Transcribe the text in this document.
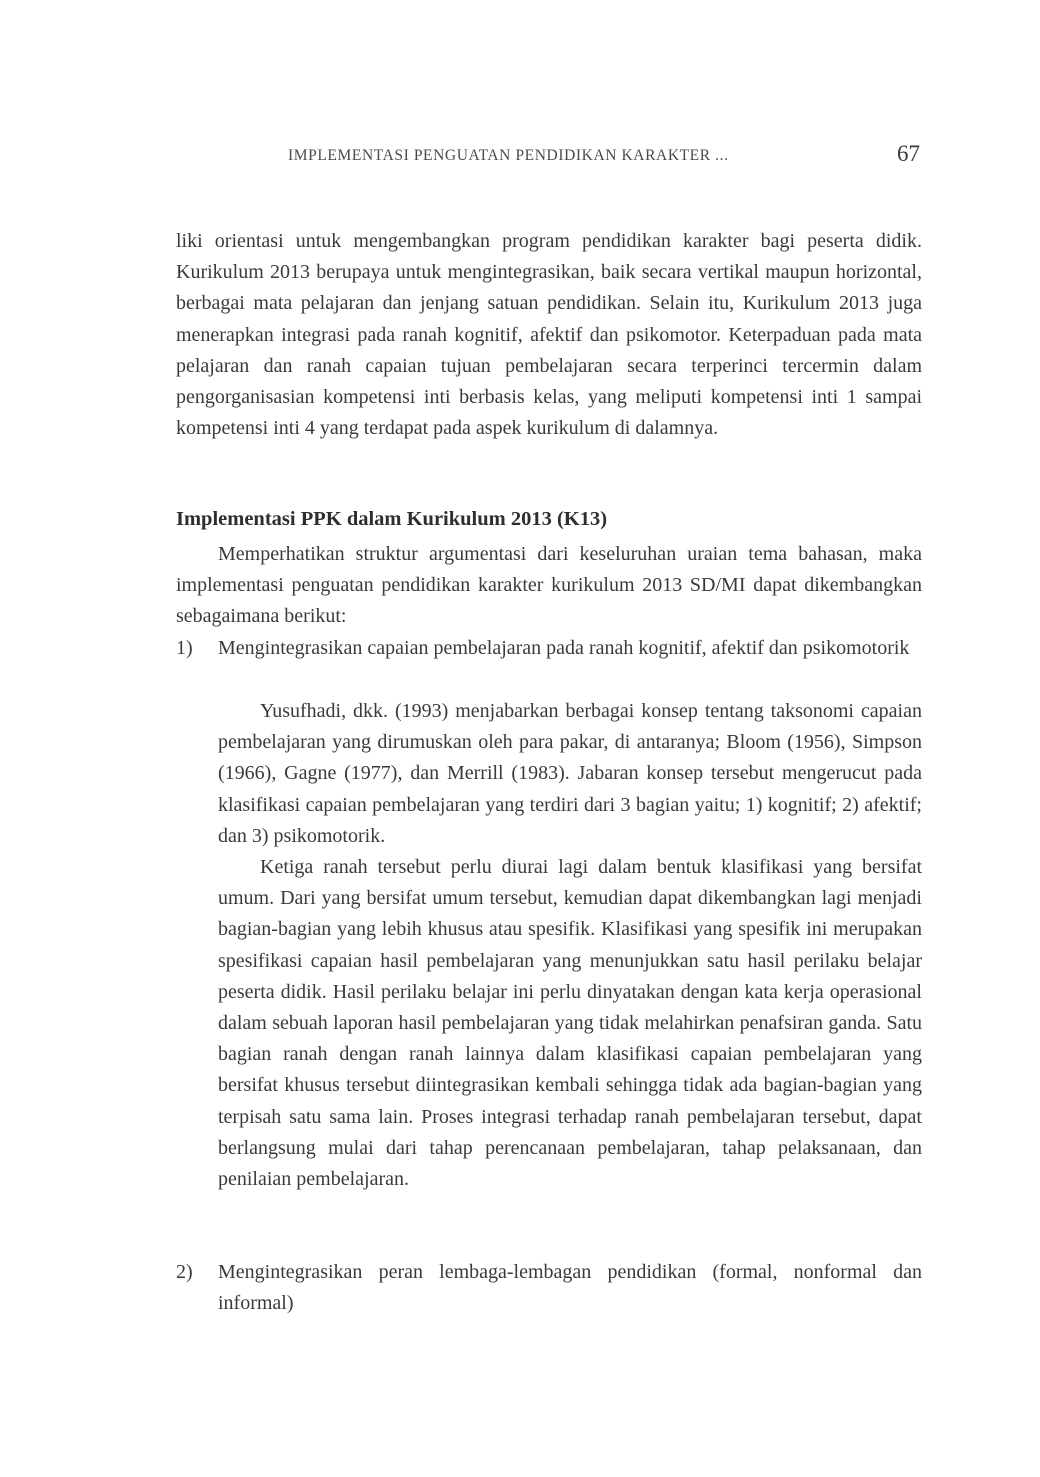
IMPLEMENTASI PENGUATAN PENDIDIKAN KARAKTER ...	67

liki orientasi untuk mengembangkan program pendidikan karakter bagi peserta didik. Kurikulum 2013 berupaya untuk mengintegrasikan, baik secara vertikal maupun horizontal, berbagai mata pelajaran dan jenjang satuan pendidikan. Selain itu, Kurikulum 2013 juga menerapkan integrasi pada ranah kognitif, afektif dan psikomotor. Keterpaduan pada mata pelajaran dan ranah capaian tujuan pembelajaran secara terperinci tercermin dalam pengorganisasian kompetensi inti berbasis kelas, yang meliputi kompetensi inti 1 sampai kompetensi inti 4 yang terdapat pada aspek kurikulum di dalamnya.

Implementasi PPK dalam Kurikulum 2013 (K13)

Memperhatikan struktur argumentasi dari keseluruhan uraian tema bahasan, maka implementasi penguatan pendidikan karakter kurikulum 2013 SD/MI dapat dikembangkan sebagaimana berikut:

1) Mengintegrasikan capaian pembelajaran pada ranah kognitif, afektif dan psikomotorik

Yusufhadi, dkk. (1993) menjabarkan berbagai konsep tentang taksonomi capaian pembelajaran yang dirumuskan oleh para pakar, di antaranya; Bloom (1956), Simpson (1966), Gagne (1977), dan Merrill (1983). Jabaran konsep tersebut mengerucut pada klasifikasi capaian pembelajaran yang terdiri dari 3 bagian yaitu; 1) kognitif; 2) afektif; dan 3) psikomotorik.

Ketiga ranah tersebut perlu diurai lagi dalam bentuk klasifikasi yang bersifat umum. Dari yang bersifat umum tersebut, kemudian dapat dikembangkan lagi menjadi bagian-bagian yang lebih khusus atau spesifik. Klasifikasi yang spesifik ini merupakan spesifikasi capaian hasil pembelajaran yang menunjukkan satu hasil perilaku belajar peserta didik. Hasil perilaku belajar ini perlu dinyatakan dengan kata kerja operasional dalam sebuah laporan hasil pembelajaran yang tidak melahirkan penafsiran ganda. Satu bagian ranah dengan ranah lainnya dalam klasifikasi capaian pembelajaran yang bersifat khusus tersebut diintegrasikan kembali sehingga tidak ada bagian-bagian yang terpisah satu sama lain. Proses integrasi terhadap ranah pembelajaran tersebut, dapat berlangsung mulai dari tahap perencanaan pembelajaran, tahap pelaksanaan, dan penilaian pembelajaran.

2) Mengintegrasikan peran lembaga-lembagan pendidikan (formal, nonformal dan informal)
